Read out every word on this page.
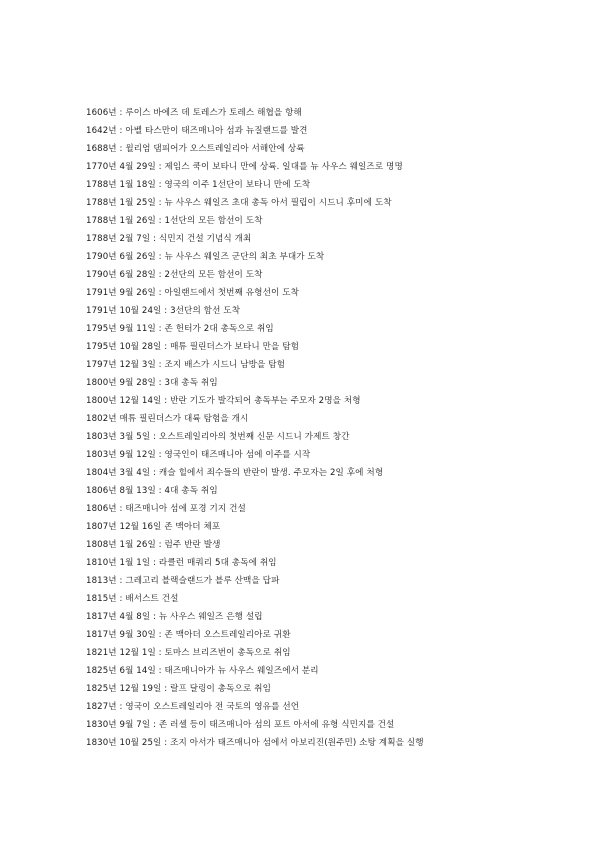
1606년 : 루이스 바에즈 데 토레스가 토레스 해협을 항해
1642년 : 아벨 타스만이 태즈매니아 섬과 뉴질랜드를 발견
1688년 : 윌리엄 댐피어가 오스트레일리아 서해안에 상륙
1770년 4월 29일 : 제임스 쿡이 보타니 만에 상륙. 일대를 뉴 사우스 웨일즈로 명명
1788년 1월 18일 : 영국의 이주 1선단이 보타니 만에 도착
1788년 1월 25일 : 뉴 사우스 웨일즈 초대 총독 아서 필립이 시드니 후미에 도착
1788년 1월 26일 : 1선단의 모든 함선이 도착
1788년 2월 7일 : 식민지 건설 기념식 개최
1790년 6월 26일 : 뉴 사우스 웨일즈 군단의 최초 부대가 도착
1790년 6월 28일 : 2선단의 모든 함선이 도착
1791년 9월 26일 : 아일랜드에서 첫번째 유형선이 도착
1791년 10월 24일 : 3선단의 함선 도착
1795년 9월 11일 : 존 헌터가 2대 총독으로 취임
1795년 10월 28일 : 매튜 필린더스가 보타니 만을 탐험
1797년 12월 3일 : 조지 배스가 시드니 남방을 탐험
1800년 9월 28일 : 3대 총독 취임
1800년 12월 14일 : 반란 기도가 발각되어 총독부는 주모자 2명을 처형
1802년 매튜 필린더스가 대륙 탐험을 개시
1803년 3월 5일 : 오스트레일리아의 첫번째 신문 시드니 가제트 창간
1803년 9월 12일 : 영국인이 태즈매니아 섬에 이주를 시작
1804년 3월 4일 : 캐슬 힐에서 죄수들의 반란이 발생. 주모자는 2일 후에 처형
1806년 8월 13일 : 4대 총독 취임
1806년 : 태즈매니아 섬에 포경 기지 건설
1807년 12월 16일 존 맥아더 체포
1808년 1월 26일 : 럼주 반란 발생
1810년 1월 1일 : 라클런 매쿼리 5대 총독에 취임
1813년 : 그레고리 블랙슬랜드가 블루 산맥을 답파
1815년 : 배서스트 건설
1817년 4월 8일 : 뉴 사우스 웨일즈 은행 설립
1817년 9월 30일 : 존 맥아더 오스트레일리아로 귀환
1821년 12월 1일 : 토마스 브리즈번이 총독으로 취임
1825년 6월 14일 : 태즈매니아가 뉴 사우스 웨일즈에서 분리
1825년 12월 19일 : 랄프 달링이 총독으로 취임
1827년 : 영국이 오스트레일리아 전 국토의 영유를 선언
1830년 9월 7일 : 존 러셀 등이 태즈매니아 섬의 포트 아서에 유형 식민지를 건설
1830년 10월 25일 : 조지 아서가 태즈매니아 섬에서 아보리진(원주민) 소탕 계획을 실행
